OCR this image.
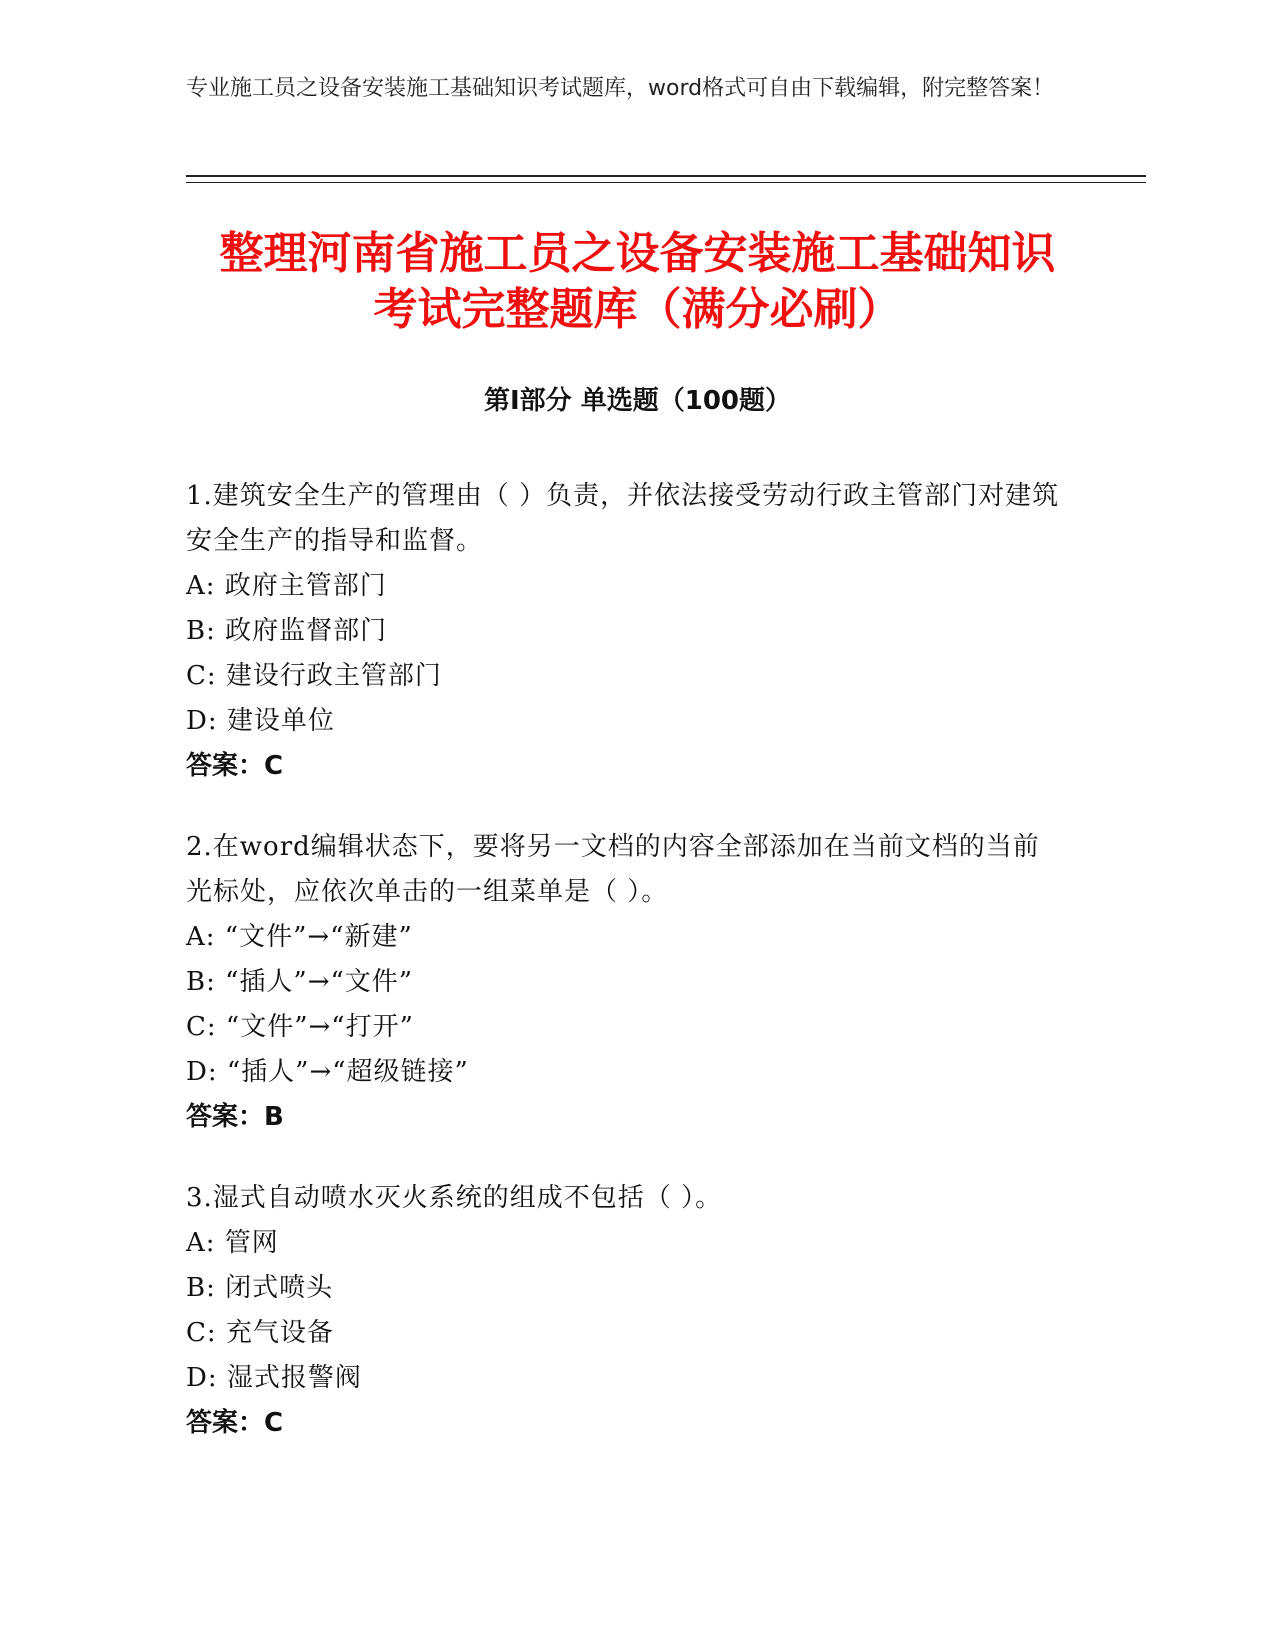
专业施工员之设备安装施工基础知识考试题库，word格式可自由下载编辑，附完整答案！
整理河南省施工员之设备安装施工基础知识
考试完整题库（满分必刷）
第Ⅰ部分 单选题（100题）
1.建筑安全生产的管理由（ ）负责，并依法接受劳动行政主管部门对建筑安全生产的指导和监督。
A: 政府主管部门
B: 政府监督部门
C: 建设行政主管部门
D: 建设单位
答案：C
2.在word编辑状态下，要将另一文档的内容全部添加在当前文档的当前光标处，应依次单击的一组菜单是（ ）。
A: “文件”→“新建”
B: “插人”→“文件”
C: “文件”→“打开”
D: “插人”→“超级链接”
答案：B
3.湿式自动喷水灭火系统的组成不包括（ ）。
A: 管网
B: 闭式喷头
C: 充气设备
D: 湿式报警阀
答案：C
